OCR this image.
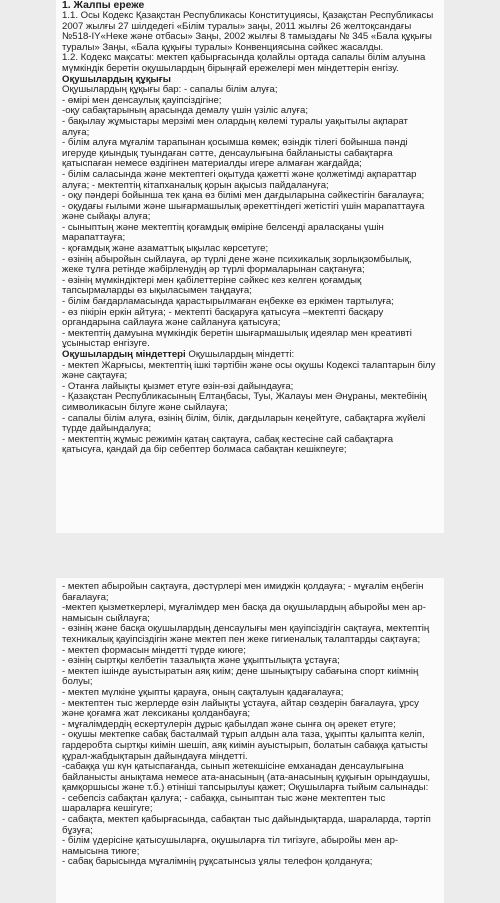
1. Жалпы ереже
1.1. Осы Кодекс Қазақстан Республикасы Конституциясы, Қазақстан Республикасы
2007 жылғы 27 шілдедегі «Білім туралы» заңы, 2011 жылғы 26 желтоқсандағы
№518-IY«Неке және отбасы» Заңы, 2002 жылғы 8 тамыздағы № 345 «Бала құқығы
туралы» Заңы, «Бала құқығы туралы» Конвенциясына сәйкес жасалды.
1.2. Кодекс мақсаты: мектеп қабырғасында қолайлы ортада сапалы білім алуына
мүмкіндік беретін оқушылардың бірыңғай ережелері мен міндеттерін енгізу.
Оқушылардың құқығы
Оқушылардың құқығы бар: - сапалы білім алуға;
- өмірі мен денсаулық қауіпсіздігіне;
-оқу сабақтарының арасында демалу үшін үзіліс алуға;
- бақылау жұмыстары мерзімі мен олардың көлемі туралы уақытылы ақпарат
алуға;
- білім алуға мұғалім тарапынан қосымша көмек; өзіндік тілегі бойынша пәнді
игеруде қиындық туындаған сәтте, денсаулығына байланысты сабақтарға
қатыспаған немесе өздігінен материалды игере алмаған жағдайда;
- білім саласында және мектептегі оқытуда қажетті және қолжетімді ақпараттар
алуға; - мектептің кітапханалық қорын ақысыз пайдалануға;
- оқу пәндері бойынша тек қана өз білімі мен дағдыларына сәйкестігін бағалауға;
- оқудағы ғылыми және шығармашылық әрекеттіндегі жетістігі үшін марапаттауға
және сыйақы алуға;
- сыныптың және мектептің қоғамдық өміріне белсенді араласқаны үшін
марапаттауға;
- қоғамдық және азаматтық ықылас көрсетуге;
- өзінің абыройын сыйлауға, әр түрлі дене және психикалық зорлықзомбылық,
жеке тұлға ретінде жәбірленудің әр түрлі формаларынан сақтануға;
- өзінің мүмкіндіктері мен қабілеттеріне сәйкес кез келген қоғамдық
тапсырмаларды өз ықыласымен таңдауға;
- білім бағдарламасында қарастырылмаған еңбекке өз еркімен тартылуға;
- өз пікірін еркін айтуға; - мектепті басқаруға қатысуға –мектепті басқару
органдарына сайлауға және сайлануға қатысуға;
- мектептің дамуына мүмкіндік беретін шығармашылық идеялар мен креативті
ұсыныстар енгізуге.
Оқушылардың міндеттері Оқушылардың міндетті:
- мектеп Жарғысы, мектептің ішкі тәртібін және осы оқушы Кодексі талаптарын білу
және сақтауға;
- Отанға лайықты қызмет етуге өзін-өзі дайындауға;
- Қазақстан Республикасының Елтаңбасы, Туы, Жалауы мен Әнұраны, мектебінің
символикасын білуге және сыйлауға;
- сапалы білім алуға, өзінің білім, білік, дағдыларын кеңейтуге, сабақтарға жүйелі
түрде дайындалуға;
- мектептің жұмыс режимін қатаң сақтауға, сабақ кестесіне сай сабақтарға
қатысуға, қандай да бір себептер болмаса сабақтан кешікпеуге;
- мектеп абыройын сақтауға, дәстүрлері мен имиджін қолдауға; - мұғалім еңбегін
бағалауға;
-мектеп қызметкерлері, мұғалімдер мен басқа да оқушылардың абыройы мен ар-
намысын сыйлауға;
- өзінің және басқа оқушылардың денсаулығы мен қауіпсіздігін сақтауға, мектептің
техникалық қауіпсіздігін және мектеп пен жеке гигиеналық талаптарды сақтауға;
- мектеп формасын міндетті түрде киюге;
- өзінің сыртқы келбетін тазалықта және ұқыптылықта ұстауға;
- мектеп ішінде ауыстыратын аяқ киім; дене шынықтыру сабағына спорт киімнің
болуы;
- мектеп мүлкіне ұқыпты қарауға, оның сақталуын қадағалауға;
- мектептен тыс жерлерде өзін лайықты ұстауға, айтар сөздерін бағалауға, ұрсу
және қоғамға жат лексиканы қолданбауға;
- мұғалімдердің ескертулерін дұрыс қабылдап және сынға оң әрекет етуге;
- оқушы мектепке сабақ басталмай тұрып алдын ала таза, ұқыпты қалыпта келіп,
гардеробта сыртқы киімін шешіп, аяқ киімін ауыстырып, болатын сабаққа қатысты
құрал-жабдықтарын дайындауға міндетті.
-сабаққа үш күн қатыспағанда, сынып жетекшісіне емханадан денсаулығына
байланысты анықтама немесе ата-анасының (ата-анасының құқығын орындаушы,
қамқоршысы және т.б.) өтініші тапсырылуы қажет; Оқушыларға тыйым салынады:
- себепсіз сабақтан қалуға; - сабаққа, сыныптан тыс және мектептен тыс
шараларға кешігуге;
- сабақта, мектеп қабырғасында, сабақтан тыс дайындықтарда, шараларда, тәртіп
бұзуға;
- білім үдерісіне қатысушыларға, оқушыларға тіл тигізуге, абыройы мен ар-
намысына тиюге;
- сабақ барысында мұғалімнің рұқсатынсыз ұялы телефон қолдануға;
